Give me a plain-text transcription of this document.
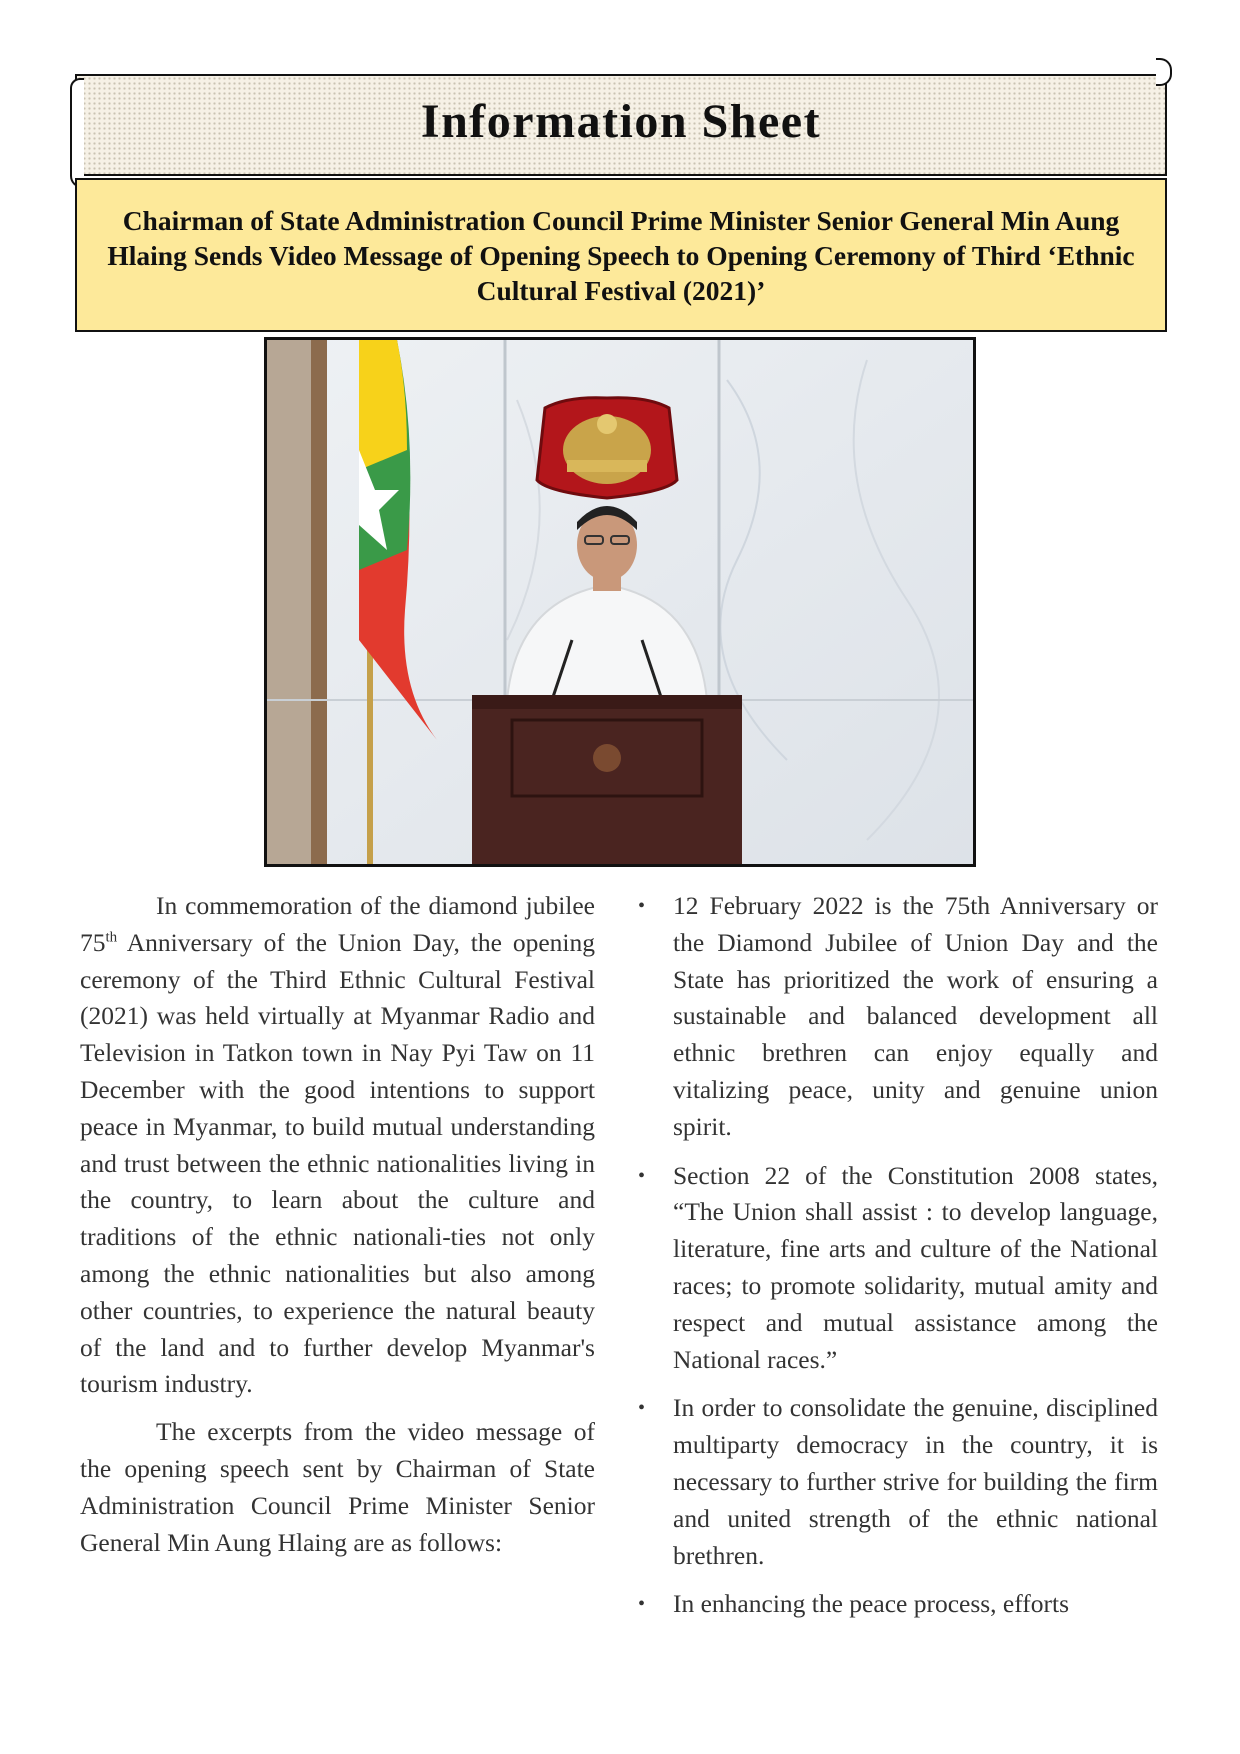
Information Sheet
Chairman of State Administration Council Prime Minister Senior General Min Aung Hlaing Sends Video Message of Opening Speech to Opening Ceremony of Third ‘Ethnic Cultural Festival (2021)’

In commemoration of the diamond jubilee 75th Anniversary of the Union Day, the opening ceremony of the Third Ethnic Cultural Festival (2021) was held virtually at Myanmar Radio and Television in Tatkon town in Nay Pyi Taw on 11 December with the good intentions to support peace in Myanmar, to build mutual understanding and trust between the ethnic nationalities living in the country, to learn about the culture and traditions of the ethnic nationali-ties not only among the ethnic nationalities but also among other countries, to experience the natural beauty of the land and to further develop Myanmar's tourism industry.

The excerpts from the video message of the opening speech sent by Chairman of State Administration Council Prime Minister Senior General Min Aung Hlaing are as follows:

• 12 February 2022 is the 75th Anniversary or the Diamond Jubilee of Union Day and the State has prioritized the work of ensuring a sustainable and balanced development all ethnic brethren can enjoy equally and vitalizing peace, unity and genuine union spirit.
• Section 22 of the Constitution 2008 states, “The Union shall assist : to develop language, literature, fine arts and culture of the National races; to promote solidarity, mutual amity and respect and mutual assistance among the National races.”
• In order to consolidate the genuine, disciplined multiparty democracy in the country, it is necessary to further strive for building the firm and united strength of the ethnic national brethren.
• In enhancing the peace process, efforts
